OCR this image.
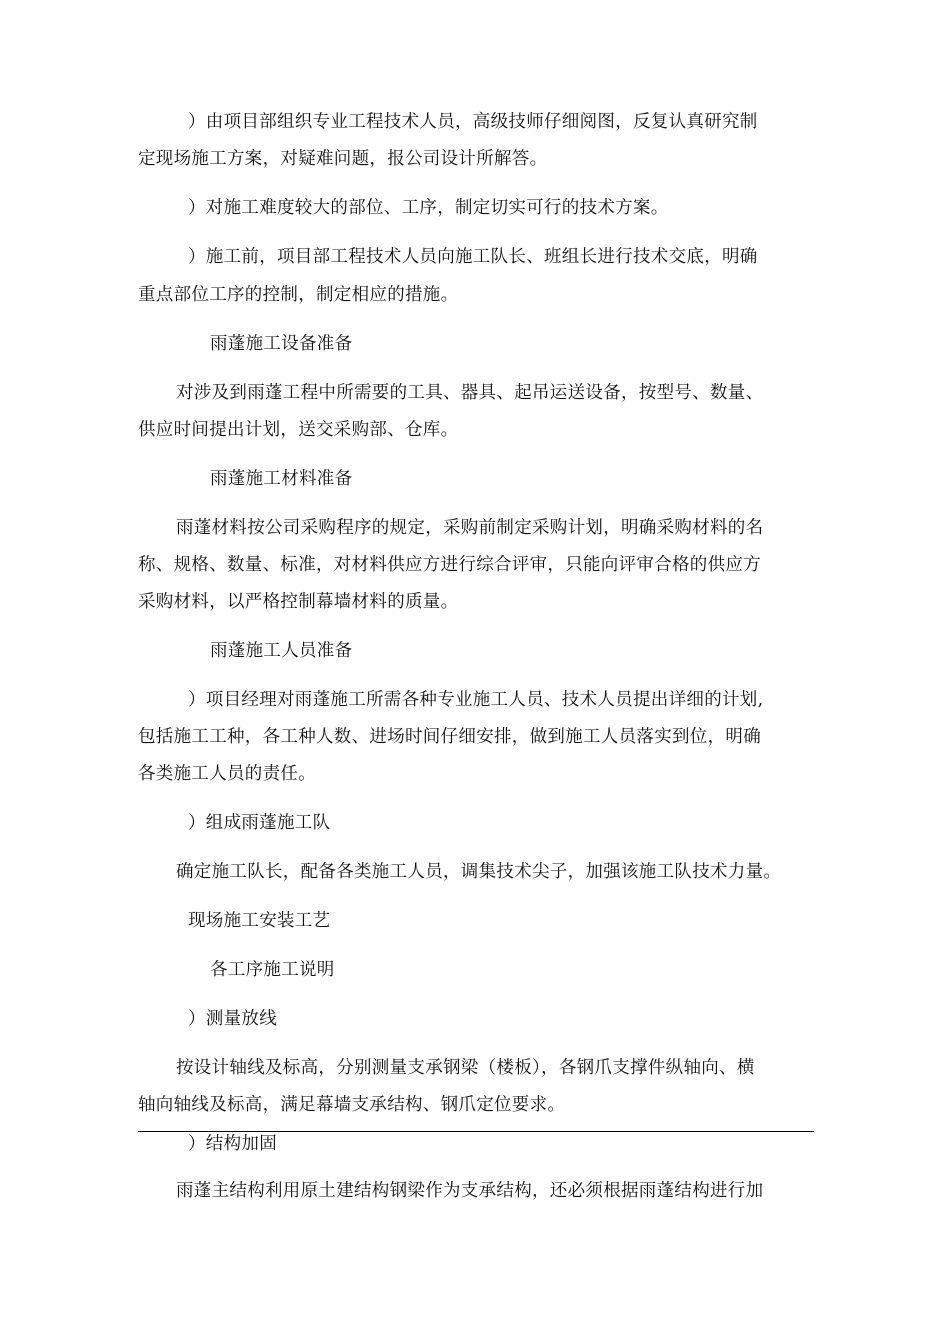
）由项目部组织专业工程技术人员，高级技师仔细阅图，反复认真研究制
定现场施工方案，对疑难问题，报公司设计所解答。
）对施工难度较大的部位、工序，制定切实可行的技术方案。
）施工前，项目部工程技术人员向施工队长、班组长进行技术交底，明确
重点部位工序的控制，制定相应的措施。
雨蓬施工设备准备
对涉及到雨蓬工程中所需要的工具、器具、起吊运送设备，按型号、数量、
供应时间提出计划，送交采购部、仓库。
雨蓬施工材料准备
雨蓬材料按公司采购程序的规定，采购前制定采购计划，明确采购材料的名
称、规格、数量、标准，对材料供应方进行综合评审，只能向评审合格的供应方
采购材料，以严格控制幕墙材料的质量。
雨蓬施工人员准备
）项目经理对雨蓬施工所需各种专业施工人员、技术人员提出详细的计划,
包括施工工种，各工种人数、进场时间仔细安排，做到施工人员落实到位，明确
各类施工人员的责任。
）组成雨蓬施工队
确定施工队长，配备各类施工人员，调集技术尖子，加强该施工队技术力量。
现场施工安装工艺
各工序施工说明
）测量放线
按设计轴线及标高，分别测量支承钢梁（楼板），各钢爪支撑件纵轴向、横
轴向轴线及标高，满足幕墙支承结构、钢爪定位要求。
）结构加固
雨蓬主结构利用原土建结构钢梁作为支承结构，还必须根据雨蓬结构进行加
